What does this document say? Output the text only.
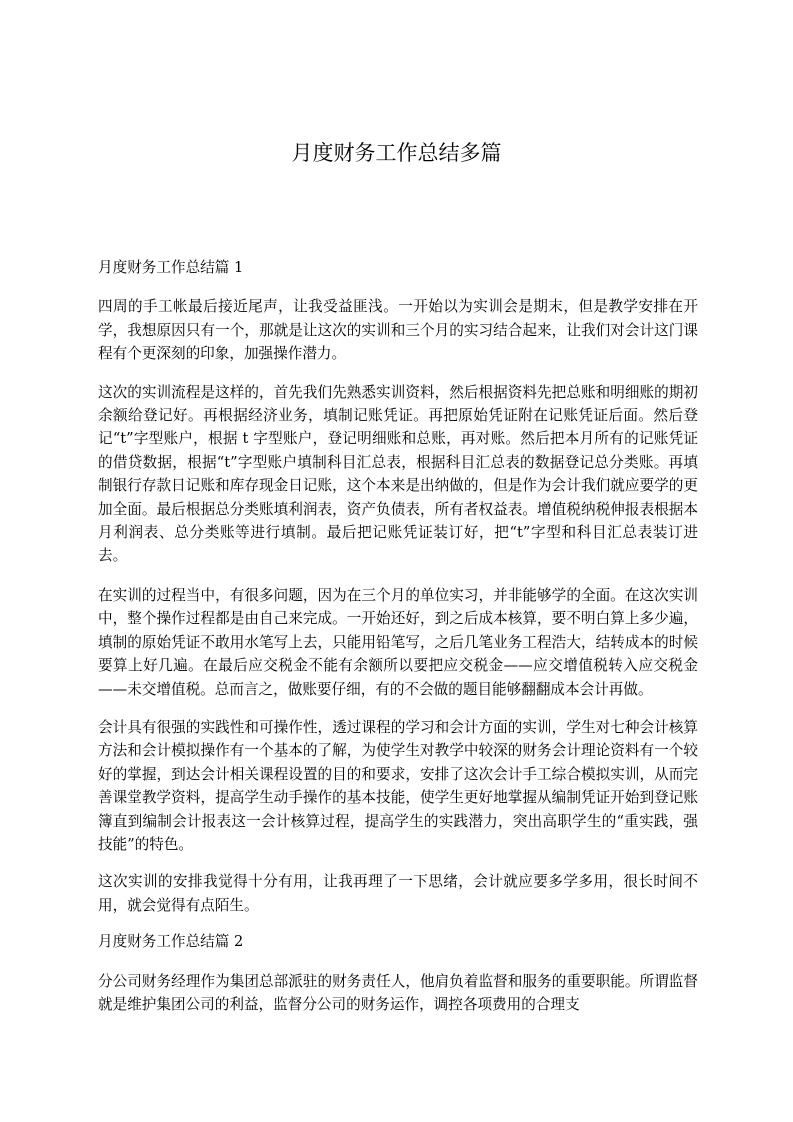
月度财务工作总结多篇

月度财务工作总结篇 1

四周的手工帐最后接近尾声，让我受益匪浅。一开始以为实训会是期末，但是教学安排在开学，我想原因只有一个，那就是让这次的实训和三个月的实习结合起来，让我们对会计这门课程有个更深刻的印象，加强操作潜力。

这次的实训流程是这样的，首先我们先熟悉实训资料，然后根据资料先把总账和明细账的期初余额给登记好。再根据经济业务，填制记账凭证。再把原始凭证附在记账凭证后面。然后登记“t”字型账户，根据 t 字型账户，登记明细账和总账，再对账。然后把本月所有的记账凭证的借贷数据，根据“t”字型账户填制科目汇总表，根据科目汇总表的数据登记总分类账。再填制银行存款日记账和库存现金日记账，这个本来是出纳做的，但是作为会计我们就应要学的更加全面。最后根据总分类账填利润表，资产负债表，所有者权益表。增值税纳税伸报表根据本月利润表、总分类账等进行填制。最后把记账凭证装订好，把“t”字型和科目汇总表装订进去。

在实训的过程当中，有很多问题，因为在三个月的单位实习，并非能够学的全面。在这次实训中，整个操作过程都是由自己来完成。一开始还好，到之后成本核算，要不明白算上多少遍，填制的原始凭证不敢用水笔写上去，只能用铅笔写，之后几笔业务工程浩大，结转成本的时候要算上好几遍。在最后应交税金不能有余额所以要把应交税金——应交增值税转入应交税金——未交增值税。总而言之，做账要仔细，有的不会做的题目能够翻翻成本会计再做。

会计具有很强的实践性和可操作性，透过课程的学习和会计方面的实训，学生对七种会计核算方法和会计模拟操作有一个基本的了解，为使学生对教学中较深的财务会计理论资料有一个较好的掌握，到达会计相关课程设置的目的和要求，安排了这次会计手工综合模拟实训，从而完善课堂教学资料，提高学生动手操作的基本技能，使学生更好地掌握从编制凭证开始到登记账 簿直到编制会计报表这一会计核算过程，提高学生的实践潜力，突出高职学生的“重实践，强技能”的特色。

这次实训的安排我觉得十分有用，让我再理了一下思绪，会计就应要多学多用，很长时间不用，就会觉得有点陌生。

月度财务工作总结篇 2

分公司财务经理作为集团总部派驻的财务责任人，他肩负着监督和服务的重要职能。所谓监督就是维护集团公司的利益，监督分公司的财务运作，调控各项费用的合理支
